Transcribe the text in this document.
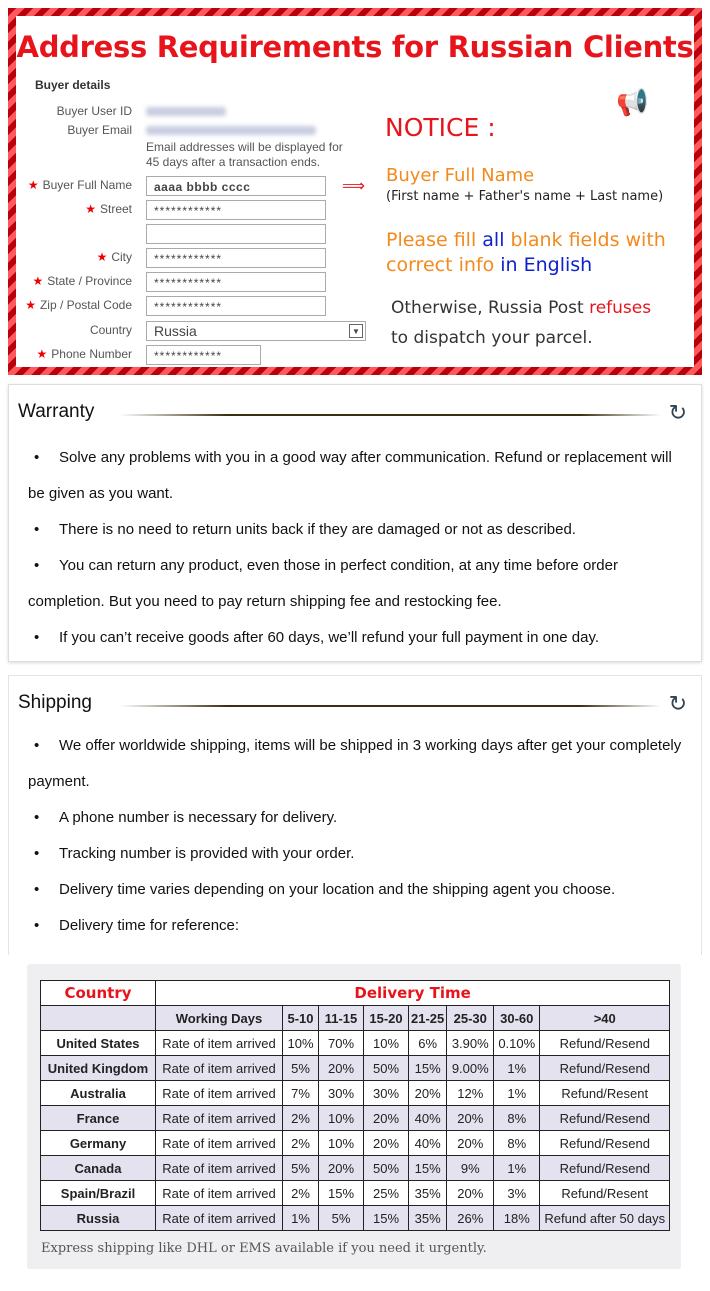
Address Requirements for Russian Clients
Buyer details
Buyer User ID
Buyer Email
Email addresses will be displayed for 45 days after a transaction ends.
★ Buyer Full Name	aaaa bbbb cccc	⟹
★ Street	************
★ City	************
★ State / Province	************
★ Zip / Postal Code	************
Country	Russia	▼
★ Phone Number	************
📢
NOTICE :
Buyer Full Name
(First name + Father's name + Last name)
Please fill all blank fields with
correct info in English
Otherwise, Russia Post refuses
to dispatch your parcel.
Warranty	↻
• Solve any problems with you in a good way after communication. Refund or replacement will be given as you want.
• There is no need to return units back if they are damaged or not as described.
• You can return any product, even those in perfect condition, at any time before order completion. But you need to pay return shipping fee and restocking fee.
• If you can’t receive goods after 60 days, we’ll refund your full payment in one day.
Shipping	↻
• We offer worldwide shipping, items will be shipped in 3 working days after get your completely payment.
• A phone number is necessary for delivery.
• Tracking number is provided with your order.
• Delivery time varies depending on your location and the shipping agent you choose.
• Delivery time for reference:
Country	Delivery Time							
	Working Days	5-10	11-15	15-20	21-25	25-30	30-60	>40
United States	Rate of item arrived	10%	70%	10%	6%	3.90%	0.10%	Refund/Resend
United Kingdom	Rate of item arrived	5%	20%	50%	15%	9.00%	1%	Refund/Resend
Australia	Rate of item arrived	7%	30%	30%	20%	12%	1%	Refund/Resent
France	Rate of item arrived	2%	10%	20%	40%	20%	8%	Refund/Resend
Germany	Rate of item arrived	2%	10%	20%	40%	20%	8%	Refund/Resend
Canada	Rate of item arrived	5%	20%	50%	15%	9%	1%	Refund/Resend
Spain/Brazil	Rate of item arrived	2%	15%	25%	35%	20%	3%	Refund/Resent
Russia	Rate of item arrived	1%	5%	15%	35%	26%	18%	Refund after 50 days
Express shipping like DHL or EMS available if you need it urgently.
